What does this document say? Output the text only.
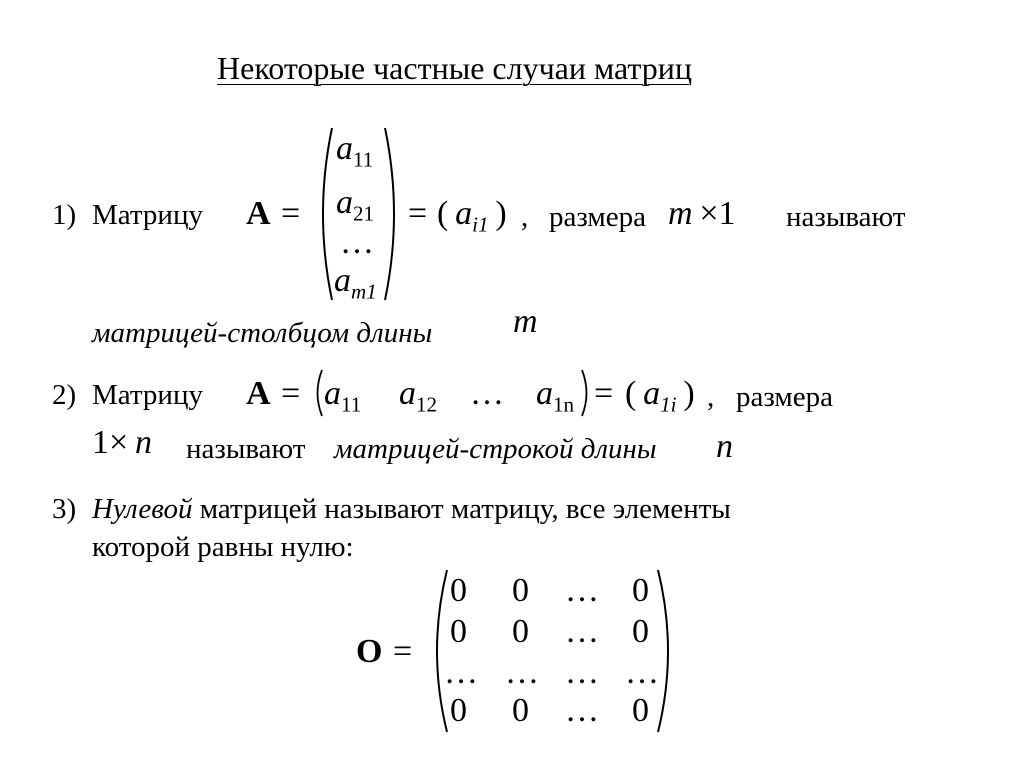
Некоторые частные случаи матриц
1) Матрицу A =
$a_{11}$
$a_{21}$
…
$a_{m1}$
= ( $a_{i1}$ ) , размера m  ×1 называют
матрицей-столбцом длины m
2) Матрицу $A = a_{11}$ $a_{12}$ … $a_{1n}$ = ( $a_{1i}$ ) , размера
1×  n называют матрицей-строкой длины n
3) Нулевой матрицей называют матрицу, все элементы
которой равны нулю:
O =
0 0 … 0
0 0 … 0
… … … …
0 0 … 0
